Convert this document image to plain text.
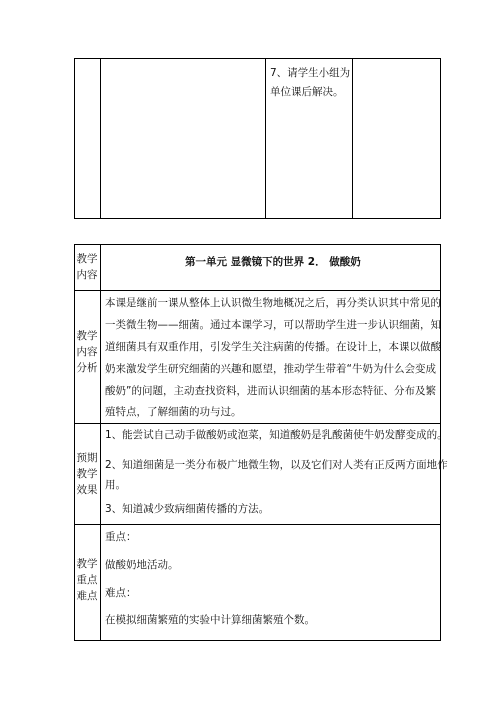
7、请学生小组为
单位课后解决。
教学
内容
第一单元 显微镜下的世界 2． 做酸奶
教学
内容
分析
本课是继前一课从整体上认识微生物地概况之后，再分类认识其中常见的
一类微生物——细菌。通过本课学习，可以帮助学生进一步认识细菌，知
道细菌具有双重作用，引发学生关注病菌的传播。在设计上，本课以做酸
奶来激发学生研究细菌的兴趣和愿望，推动学生带着“牛奶为什么会变成
酸奶”的问题，主动查找资料，进而认识细菌的基本形态特征、分布及繁
殖特点，了解细菌的功与过。
预期
教学
效果
1、能尝试自己动手做酸奶或泡菜，知道酸奶是乳酸菌使牛奶发酵变成的。
2、知道细菌是一类分布极广地微生物，以及它们对人类有正反两方面地作
用。
3、知道减少致病细菌传播的方法。
教学
重点
难点
重点：
做酸奶地活动。
难点：
在模拟细菌繁殖的实验中计算细菌繁殖个数。
